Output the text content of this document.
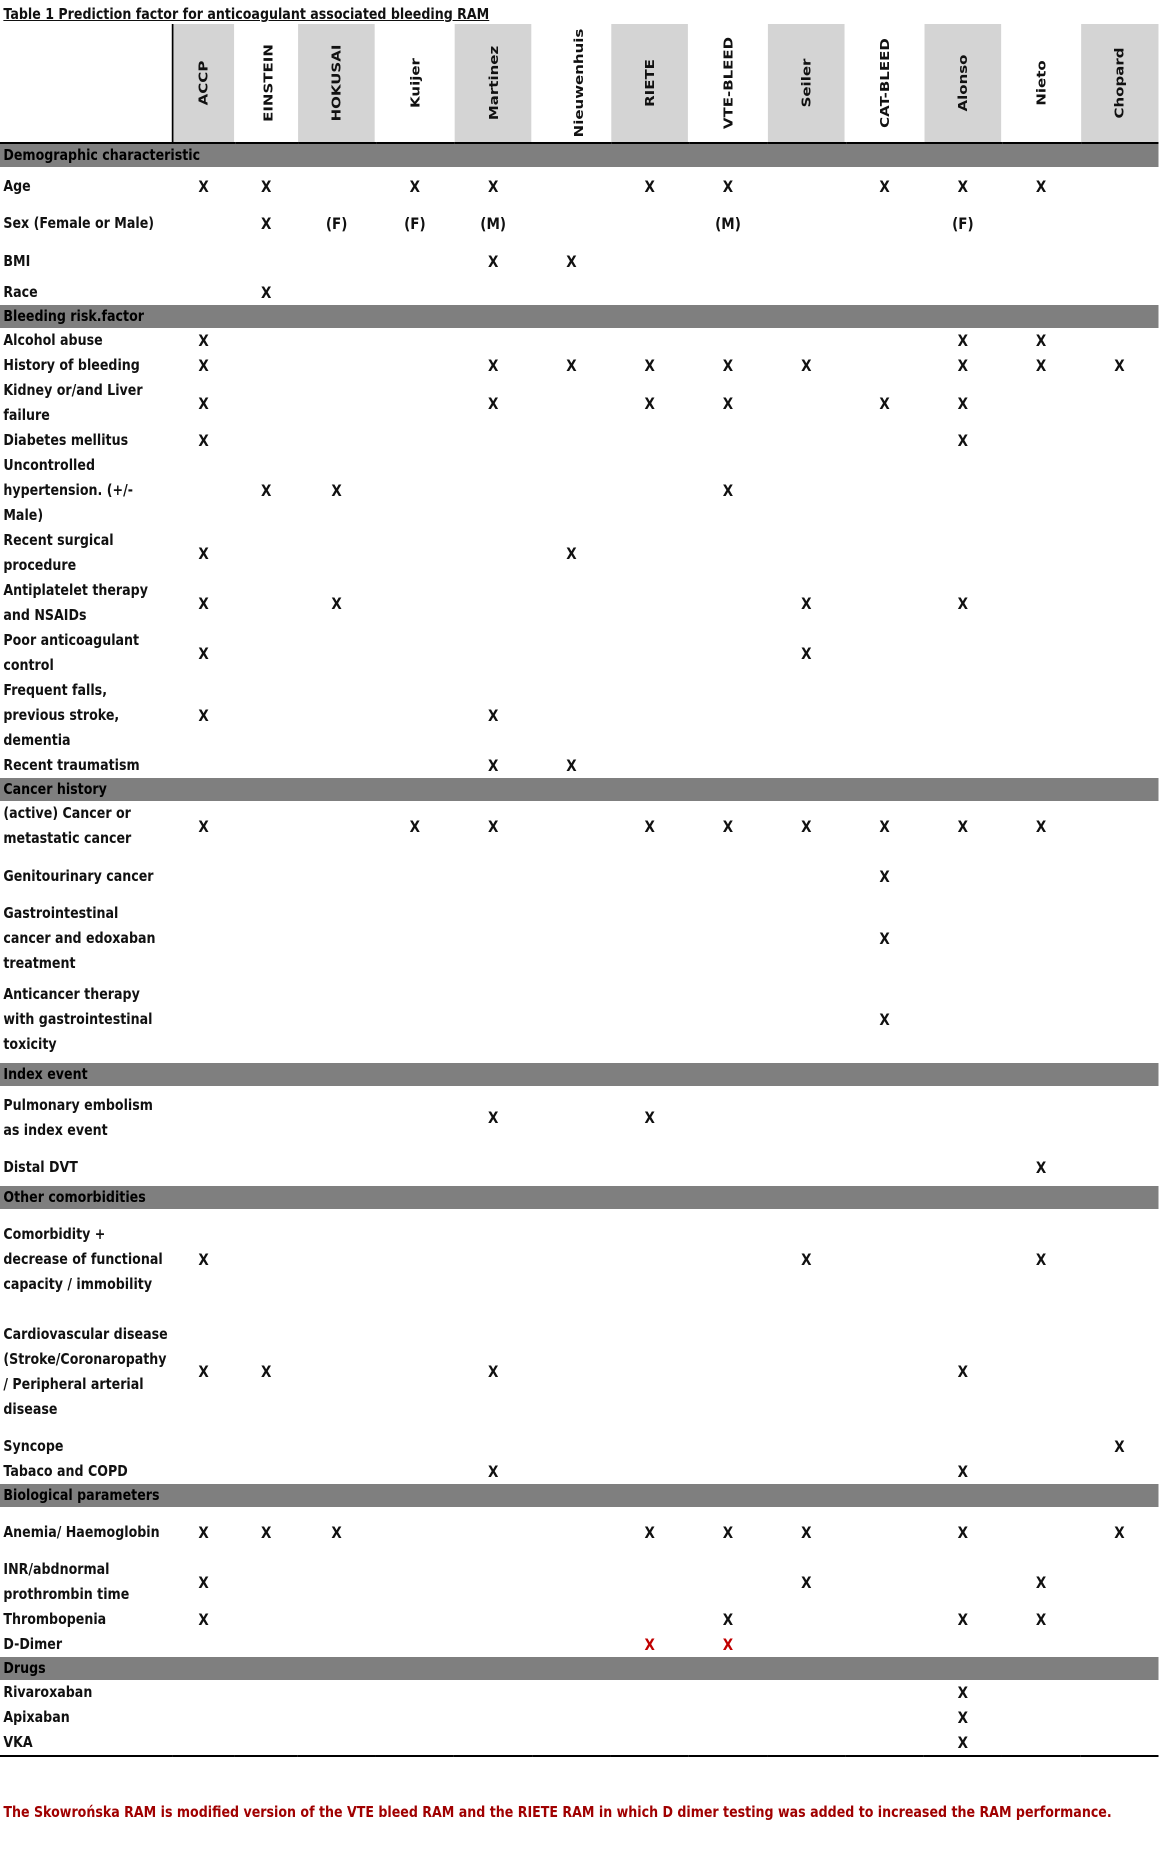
Table 1 Prediction factor for anticoagulant associated bleeding RAM
	ACCP	EINSTEIN	HOKUSAI	Kuijer	Martinez	Nieuwenhuis	RIETE	VTE-BLEED	Seiler	CAT-BLEED	Alonso	Nieto	Chopard
Demographic characteristic													
Age	X	X		X	X		X	X		X	X	X	
Sex (Female or Male)		X	(F)	(F)	(M)			(M)			(F)		
BMI					X	X							
Race		X											
Bleeding risk.factor													
Alcohol abuse	X										X	X	
History of bleeding	X				X	X	X	X	X		X	X	X
Kidney or/and Liver failure	X				X		X	X		X	X		
Diabetes mellitus	X										X		
Uncontrolled hypertension. (+/- Male)		X	X					X					
Recent surgical procedure	X					X							
Antiplatelet therapy and NSAIDs	X		X						X		X		
Poor anticoagulant control	X								X				
Frequent falls, previous stroke, dementia	X				X								
Recent traumatism					X	X							
Cancer history													
(active) Cancer or metastatic cancer	X			X	X		X	X	X	X	X	X	
Genitourinary cancer										X			
Gastrointestinal cancer and edoxaban treatment										X			
Anticancer therapy with gastrointestinal toxicity										X			
Index event													
Pulmonary embolism as index event					X		X						
Distal DVT												X	
Other comorbidities													
Comorbidity + decrease of functional capacity / immobility	X								X			X	
Cardiovascular disease (Stroke/Coronaropathy / Peripheral arterial disease	X	X			X						X		
Syncope													X
Tabaco and COPD					X						X		
Biological parameters													
Anemia/ Haemoglobin	X	X	X				X	X	X		X		X
INR/abdnormal prothrombin time	X								X			X	
Thrombopenia	X							X			X	X	
D-Dimer							X	X					
Drugs													
Rivaroxaban											X		
Apixaban											X		
VKA											X		
The Skowrońska RAM is modified version of the VTE bleed RAM and the RIETE RAM in which D dimer testing was added to increased the RAM performance.
